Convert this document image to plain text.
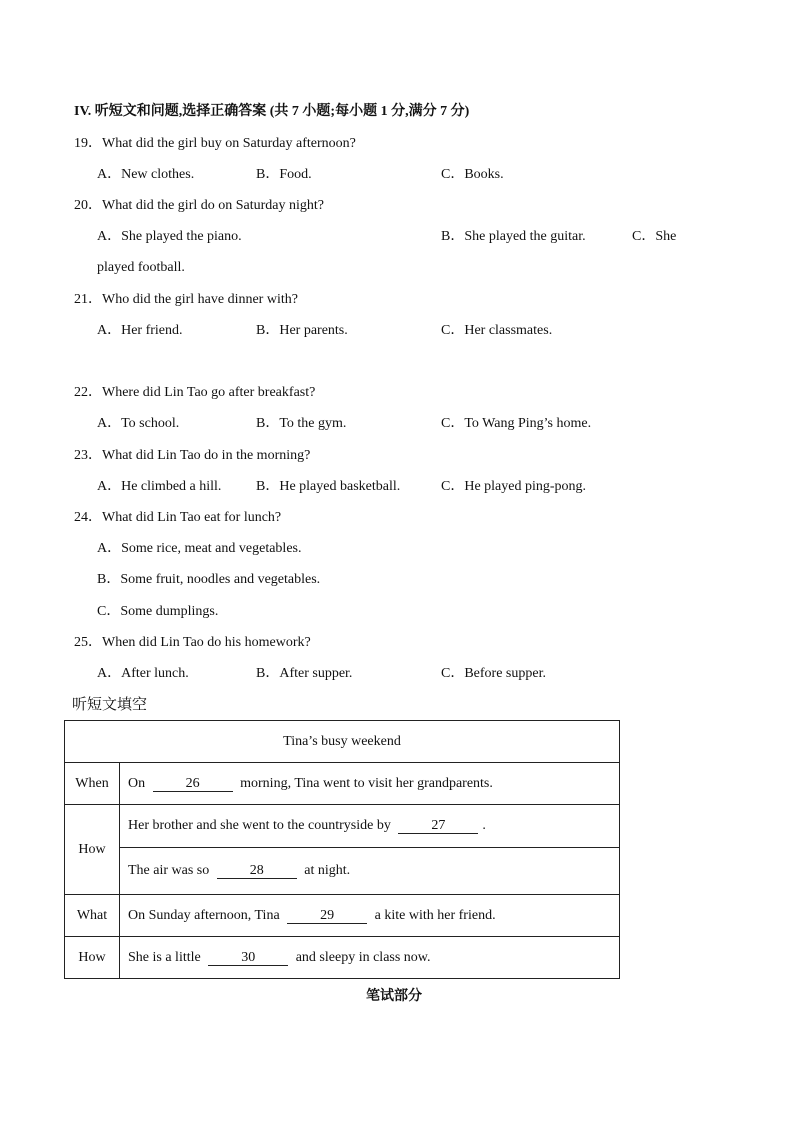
IV. 听短文和问题,选择正确答案 (共 7 小题;每小题 1 分,满分 7 分)
19．What did the girl buy on Saturday afternoon?
A．New clothes.	B．Food.	C．Books.
20．What did the girl do on Saturday night?
A．She played the piano.	B．She played the guitar.	C．She
played football.
21．Who did the girl have dinner with?
A．Her friend.	B．Her parents.	C．Her classmates.
22．Where did Lin Tao go after breakfast?
A．To school.	B．To the gym.	C．To Wang Ping’s home.
23．What did Lin Tao do in the morning?
A．He climbed a hill. B．He played basketball.	C．He played ping-pong.
24．What did Lin Tao eat for lunch?
A．Some rice, meat and vegetables.
B．Some fruit, noodles and vegetables.
C．Some dumplings.
25．When did Lin Tao do his homework?
A．After lunch.	B．After supper.	C．Before supper.
听短文填空
Tina’s busy weekend	
When	On 26 morning, Tina went to visit her grandparents.
How	Her brother and she went to the countryside by 27 .
	The air was so 28 at night.
What	On Sunday afternoon, Tina 29 a kite with her friend.
How	She is a little 30 and sleepy in class now.
笔试部分
